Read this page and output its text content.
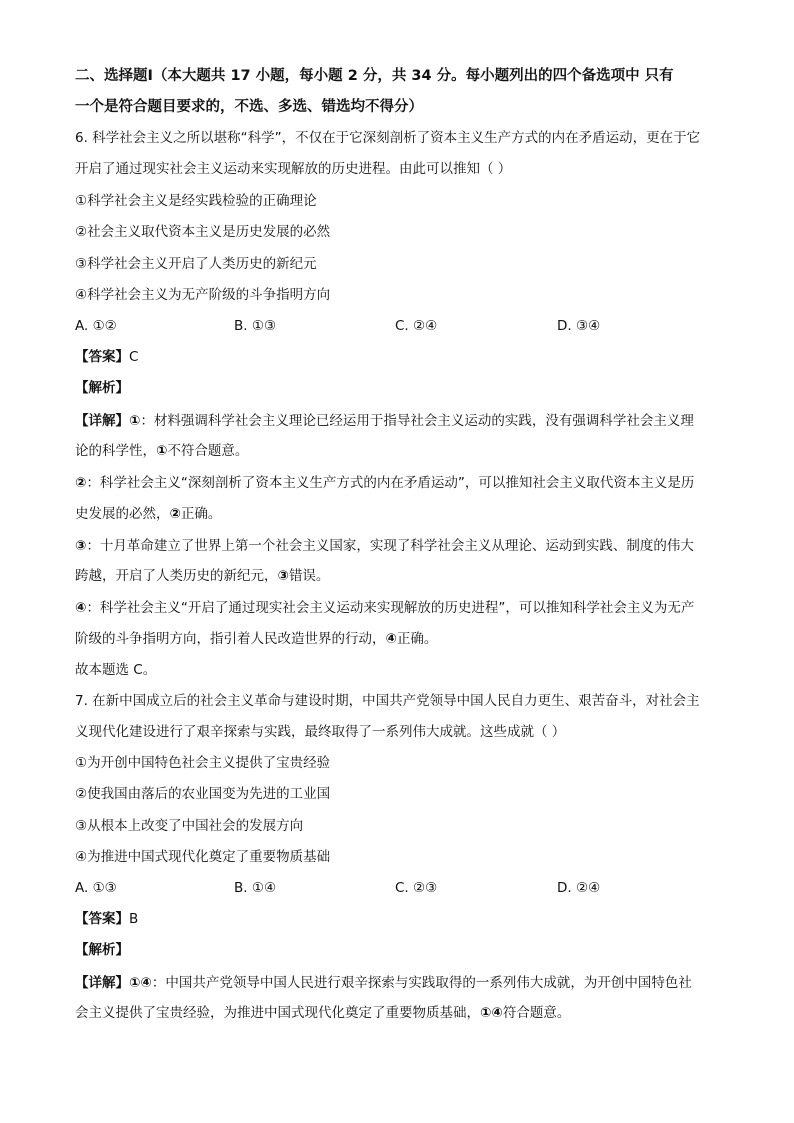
二、选择题Ⅰ（本大题共 17 小题，每小题 2 分，共 34 分。每小题列出的四个备选项中 只有
一个是符合题目要求的，不选、多选、错选均不得分）
6. 科学社会主义之所以堪称“科学”，不仅在于它深刻剖析了资本主义生产方式的内在矛盾运动，更在于它
开启了通过现实社会主义运动来实现解放的历史进程。由此可以推知（ ）
①科学社会主义是经实践检验的正确理论
②社会主义取代资本主义是历史发展的必然
③科学社会主义开启了人类历史的新纪元
④科学社会主义为无产阶级的斗争指明方向
A. ①②	B. ①③	C. ②④	D. ③④
【答案】C
【解析】
【详解】①：材料强调科学社会主义理论已经运用于指导社会主义运动的实践，没有强调科学社会主义理
论的科学性，①不符合题意。
②：科学社会主义“深刻剖析了资本主义生产方式的内在矛盾运动”，可以推知社会主义取代资本主义是历
史发展的必然，②正确。
③：十月革命建立了世界上第一个社会主义国家，实现了科学社会主义从理论、运动到实践、制度的伟大
跨越，开启了人类历史的新纪元，③错误。
④：科学社会主义“开启了通过现实社会主义运动来实现解放的历史进程”，可以推知科学社会主义为无产
阶级的斗争指明方向，指引着人民改造世界的行动，④正确。
故本题选 C。
7. 在新中国成立后的社会主义革命与建设时期，中国共产党领导中国人民自力更生、艰苦奋斗，对社会主
义现代化建设进行了艰辛探索与实践，最终取得了一系列伟大成就。这些成就（ ）
①为开创中国特色社会主义提供了宝贵经验
②使我国由落后的农业国变为先进的工业国
③从根本上改变了中国社会的发展方向
④为推进中国式现代化奠定了重要物质基础
A. ①③	B. ①④	C. ②③	D. ②④
【答案】B
【解析】
【详解】①④：中国共产党领导中国人民进行艰辛探索与实践取得的一系列伟大成就，为开创中国特色社
会主义提供了宝贵经验，为推进中国式现代化奠定了重要物质基础，①④符合题意。
